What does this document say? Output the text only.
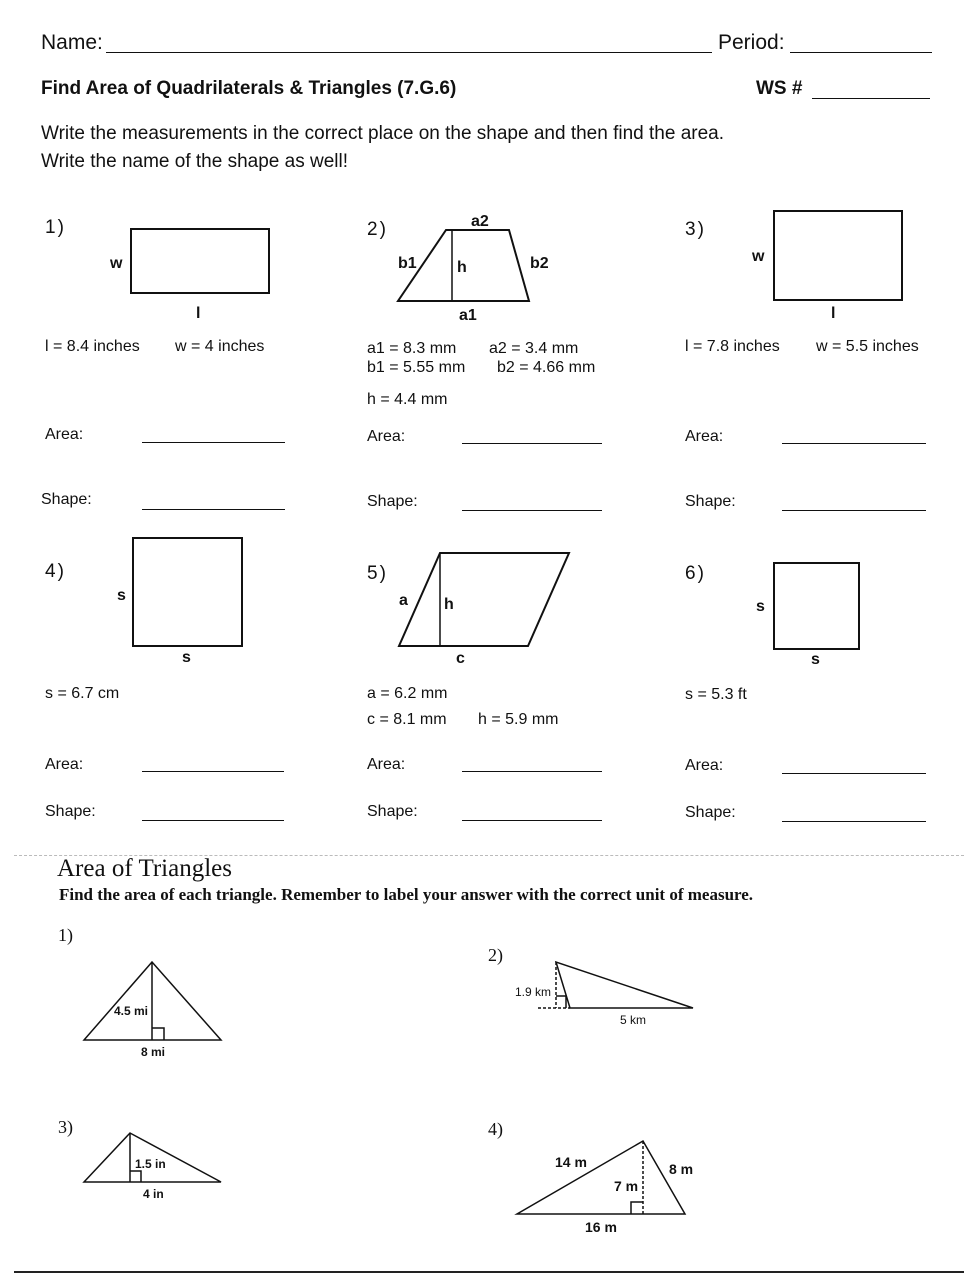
Name:	Period:
Find Area of Quadrilaterals & Triangles (7.G.6)	WS #
Write the measurements in the correct place on the shape and then find the area.
Write the name of the shape as well!
w
l
a2
b1	h	b2
a1
w
l
s
s
a h
c
s
s
1)	2)	3)
4)	5)	6)
l = 8.4 inches w = 4 inches	a1 = 8.3 mm a2 = 3.4 mm
b1 = 5.55 mm b2 = 4.66 mm
h = 4.4 mm
l = 7.8 inches w = 5.5 inches
s = 6.7 cm	a = 6.2 mm
c = 8.1 mm h = 5.9 mm
s = 5.3 ft
Area:
Shape:
Area:
Shape:
Area:
Shape:
Area:
Shape:
Area:
Shape:
Area:
Shape:
Area of Triangles
Find the area of each triangle. Remember to label your answer with the correct unit of measure.
1)
2)
3)	4)
4.5 mi
8 mi
1.9 km
5 km
1.5 in
4 in
14 m	8 m
7 m
16 m
